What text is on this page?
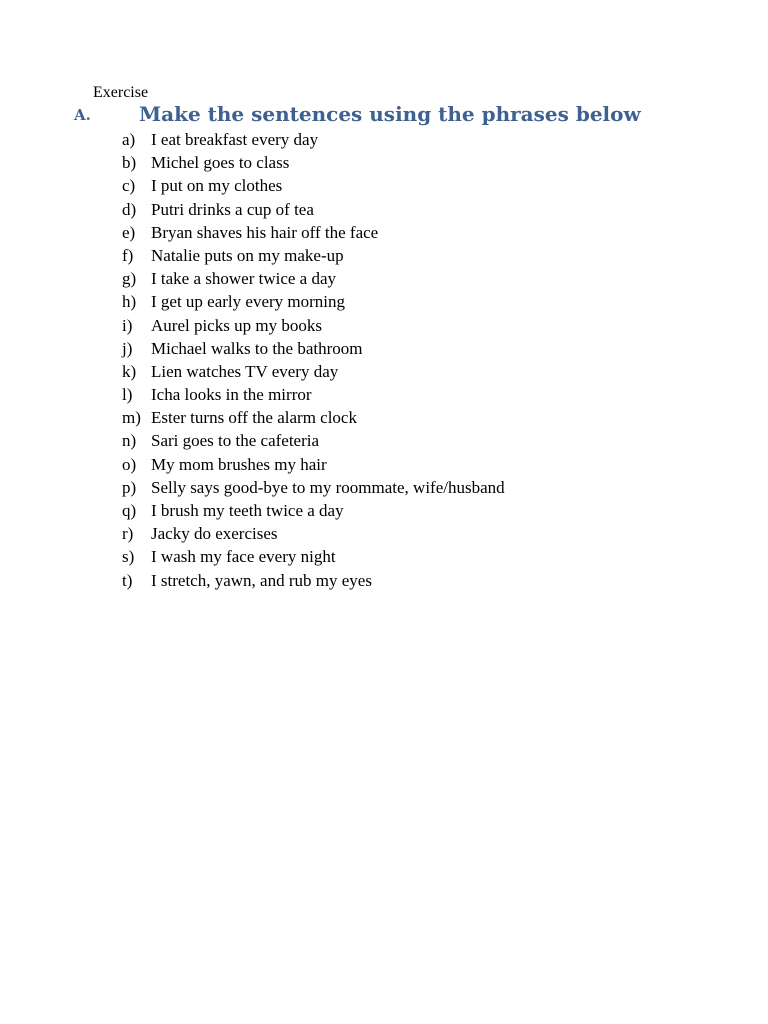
Exercise
A. Make the sentences using the phrases below
a) I eat breakfast every day
b) Michel goes to class
c) I put on my clothes
d) Putri drinks a cup of tea
e) Bryan shaves his hair off the face
f)	Natalie puts on my make-up
g) I take a shower twice a day
h) I get up early every morning
i)	Aurel picks up my books
j)	Michael walks to the bathroom
k) Lien watches TV every day
l)	Icha looks in the mirror
m) Ester turns off the alarm clock
n) Sari goes to the cafeteria
o) My mom brushes my hair
p) Selly says good-bye to my roommate, wife/husband
q) I brush my teeth twice a day
r)	Jacky do exercises
s) I wash my face every night
t)	I stretch, yawn, and rub my eyes
